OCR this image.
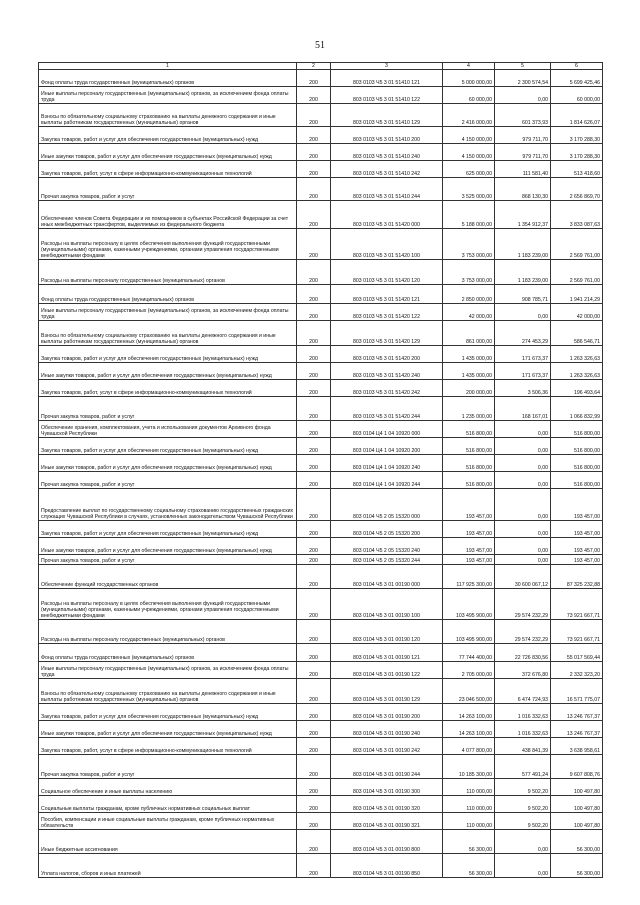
51
1	2	3	4	5	6
Фонд оплаты труда государственных (муниципальных) органов	200	803 0103 Ч5 3 01 51410 121	5 000 000,00	2 300 574,54	5 699 425,46
Иные выплаты персоналу государственных (муниципальных) органов, за исключением фонда оплаты труда	200	803 0103 Ч5 3 01 51410 122	60 000,00	0,00	60 000,00
Взносы по обязательному социальному страхованию на выплаты денежного содержания и иные выплаты работникам государственных (муниципальных) органов	200	803 0103 Ч5 3 01 51410 129	2 416 000,00	601 373,93	1 814 626,07
Закупка товаров, работ и услуг для обеспечения государственных (муниципальных) нужд	200	803 0103 Ч5 3 01 51410 200	4 150 000,00	979 711,70	3 170 288,30
Иные закупки товаров, работ и услуг для обеспечения государственных (муниципальных) нужд	200	803 0103 Ч5 3 01 51410 240	4 150 000,00	979 711,70	3 170 288,30
Закупка товаров, работ, услуг в сфере информационно-коммуникационных технологий	200	803 0103 Ч5 3 01 51410 242	625 000,00	111 581,40	513 418,60
Прочая закупка товаров, работ и услуг	200	803 0103 Ч5 3 01 51410 244	3 525 000,00	868 130,30	2 656 869,70
Обеспечение членов Совета Федерации и их помощников в субъектах Российской Федерации за счет иных межбюджетных трансфертов, выделяемых из федерального бюджета	200	803 0103 Ч5 3 01 51420 000	5 188 000,00	1 354 912,37	3 833 087,63
Расходы на выплаты персоналу в целях обеспечения выполнения функций государственными (муниципальными) органами, казенными учреждениями, органами управления государственными внебюджетными фондами	200	803 0103 Ч5 3 01 51420 100	3 753 000,00	1 183 239,00	2 569 761,00
Расходы на выплаты персоналу государственных (муниципальных) органов	200	803 0103 Ч5 3 01 51420 120	3 753 000,00	1 183 239,00	2 569 761,00
Фонд оплаты труда государственных (муниципальных) органов	200	803 0103 Ч5 3 01 51420 121	2 850 000,00	908 785,71	1 941 214,29
Иные выплаты персоналу государственных (муниципальных) органов, за исключением фонда оплаты труда	200	803 0103 Ч5 3 01 51420 122	42 000,00	0,00	42 000,00
Взносы по обязательному социальному страхованию на выплаты денежного содержания и иные выплаты работникам государственных (муниципальных) органов	200	803 0103 Ч5 3 01 51420 129	861 000,00	274 453,29	586 546,71
Закупка товаров, работ и услуг для обеспечения государственных (муниципальных) нужд	200	803 0103 Ч5 3 01 51420 200	1 435 000,00	171 673,37	1 263 326,63
Иные закупки товаров, работ и услуг для обеспечения государственных (муниципальных) нужд	200	803 0103 Ч5 3 01 51420 240	1 435 000,00	171 673,37	1 263 326,63
Закупка товаров, работ, услуг в сфере информационно-коммуникационных технологий	200	803 0103 Ч5 3 01 51420 242	200 000,00	3 506,36	196 493,64
Прочая закупка товаров, работ и услуг	200	803 0103 Ч5 3 01 51420 244	1 235 000,00	168 167,01	1 066 832,99
Обеспечение хранения, комплектования, учета и использования документов Архивного фонда Чувашской Республики	200	803 0104 Ц4 1 04 10920 000	516 800,00	0,00	516 800,00
Закупка товаров, работ и услуг для обеспечения государственных (муниципальных) нужд	200	803 0104 Ц4 1 04 10920 200	516 800,00	0,00	516 800,00
Иные закупки товаров, работ и услуг для обеспечения государственных (муниципальных) нужд	200	803 0104 Ц4 1 04 10920 240	516 800,00	0,00	516 800,00
Прочая закупка товаров, работ и услуг	200	803 0104 Ц4 1 04 10920 244	516 800,00	0,00	516 800,00
Предоставление выплат по государственному социальному страхованию государственных гражданских служащих Чувашской Республики в случаях, установленных законодательством Чувашской Республики	200	803 0104 Ч5 2 05 15320 000	193 457,00	0,00	193 457,00
Закупка товаров, работ и услуг для обеспечения государственных (муниципальных) нужд	200	803 0104 Ч5 2 05 15320 200	193 457,00	0,00	193 457,00
Иные закупки товаров, работ и услуг для обеспечения государственных (муниципальных) нужд	200	803 0104 Ч5 2 05 15320 240	193 457,00	0,00	193 457,00
Прочая закупка товаров, работ и услуг	200	803 0104 Ч5 2 05 15320 244	193 457,00	0,00	193 457,00
Обеспечение функций государственных органов	200	803 0104 Ч5 3 01 00190 000	117 925 300,00	30 600 067,12	87 325 232,88
Расходы на выплаты персоналу в целях обеспечения выполнения функций государственными (муниципальными) органами, казенными учреждениями, органами управления государственными внебюджетными фондами	200	803 0104 Ч5 3 01 00190 100	103 495 900,00	29 574 232,29	73 921 667,71
Расходы на выплаты персоналу государственных (муниципальных) органов	200	803 0104 Ч5 3 01 00190 120	103 495 900,00	29 574 232,29	73 921 667,71
Фонд оплаты труда государственных (муниципальных) органов	200	803 0104 Ч5 3 01 00190 121	77 744 400,00	22 726 830,56	55 017 569,44
Иные выплаты персоналу государственных (муниципальных) органов, за исключением фонда оплаты труда	200	803 0104 Ч5 3 01 00190 122	2 705 000,00	372 676,80	2 332 323,20
Взносы по обязательному социальному страхованию на выплаты денежного содержания и иные выплаты работникам государственных (муниципальных) органов	200	803 0104 Ч5 3 01 00190 129	23 046 500,00	6 474 724,93	16 571 775,07
Закупка товаров, работ и услуг для обеспечения государственных (муниципальных) нужд	200	803 0104 Ч5 3 01 00190 200	14 263 100,00	1 016 332,63	13 246 767,37
Иные закупки товаров, работ и услуг для обеспечения государственных (муниципальных) нужд	200	803 0104 Ч5 3 01 00190 240	14 263 100,00	1 016 332,63	13 246 767,37
Закупка товаров, работ, услуг в сфере информационно-коммуникационных технологий	200	803 0104 Ч5 3 01 00190 242	4 077 800,00	438 841,39	3 638 958,61
Прочая закупка товаров, работ и услуг	200	803 0104 Ч5 3 01 00190 244	10 185 300,00	577 491,24	9 607 808,76
Социальное обеспечение и иные выплаты населению	200	803 0104 Ч5 3 01 00190 300	110 000,00	9 502,20	100 497,80
Социальные выплаты гражданам, кроме публичных нормативных социальных выплат	200	803 0104 Ч5 3 01 00190 320	110 000,00	9 502,20	100 497,80
Пособия, компенсации и иные социальные выплаты гражданам, кроме публичных нормативных обязательств	200	803 0104 Ч5 3 01 00190 321	110 000,00	9 502,20	100 497,80
Иные бюджетные ассигнования	200	803 0104 Ч5 3 01 00190 800	56 300,00	0,00	56 300,00
Уплата налогов, сборов и иных платежей	200	803 0104 Ч5 3 01 00190 850	56 300,00	0,00	56 300,00
